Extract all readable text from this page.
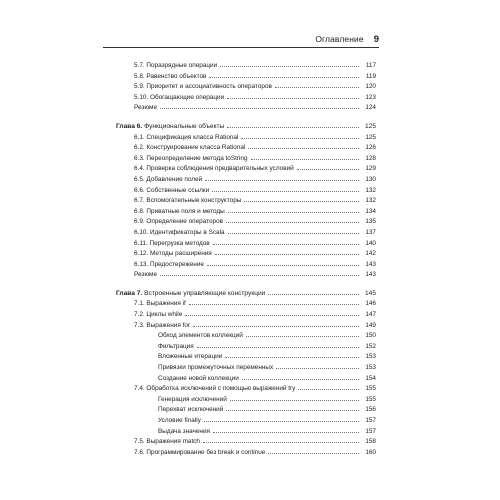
Оглавление 9
5.7. Поразрядные операции	117
5.8. Равенство объектов	119
5.9. Приоритет и ассоциативность операторов	120
5.10. Обогащающие операции	123
Резюме	124
Глава 6. Функциональные объекты	125
6.1. Спецификация класса Rational	125
6.2. Конструирование класса Rational	126
6.3. Переопределение метода toString	128
6.4. Проверка соблюдения предварительных условий	129
6.5. Добавление полей	130
6.6. Собственные ссылки	132
6.7. Вспомогательные конструкторы	132
6.8. Приватные поля и методы	134
6.9. Определение операторов	135
6.10. Идентификаторы в Scala	137
6.11. Перегрузка методов	140
6.12. Методы расширения	142
6.13. Предостережение	143
Резюме	143
Глава 7. Встроенные управляющие конструкции	145
7.1. Выражения if	146
7.2. Циклы while	147
7.3. Выражения for	149
Обход элементов коллекций	150
Фильтрация	152
Вложенные итерации	153
Привязки промежуточных переменных	153
Создание новой коллекции	154
7.4. Обработка исключений с помощью выражений try	155
Генерация исключений	155
Перехват исключений	156
Условие finally	157
Выдача значения	157
7.5. Выражения match	158
7.6. Программирование без break и continue	160
